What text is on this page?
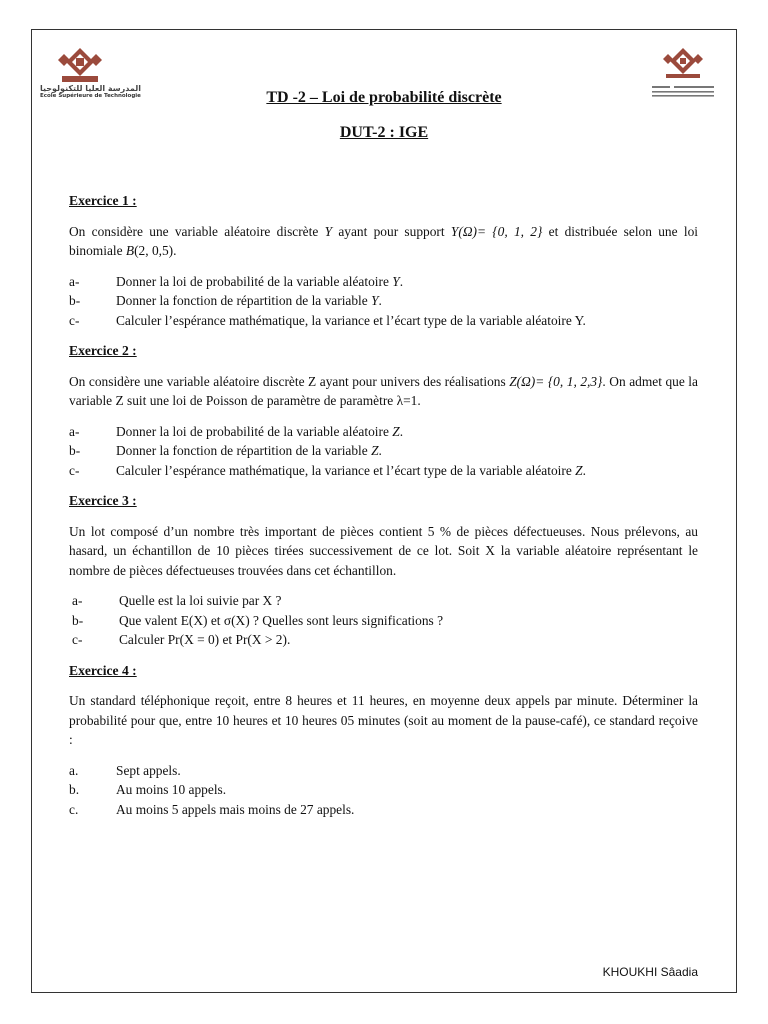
المدرسة العليا للتكنولوجيا
Ecole Supérieure de Technologie	TD -2 – Loi de probabilité discrète
DUT-2 : IGE
Exercice 1 :
On considère une variable aléatoire discrète Y ayant pour support Y(Ω)= {0, 1, 2} et distribuée selon une loi binomiale B(2, 0,5).
a-	Donner la loi de probabilité de la variable aléatoire Y.
b-	Donner la fonction de répartition de la variable Y.
c-	Calculer l’espérance mathématique, la variance et l’écart type de la variable aléatoire Y.
Exercice 2 :
On considère une variable aléatoire discrète Z ayant pour univers des réalisations Z(Ω)= {0, 1, 2,3}. On admet que la variable Z suit une loi de Poisson de paramètre de paramètre λ=1.
a-	Donner la loi de probabilité de la variable aléatoire Z.
b-	Donner la fonction de répartition de la variable Z.
c-	Calculer l’espérance mathématique, la variance et l’écart type de la variable aléatoire Z.
Exercice 3 :
Un lot composé d’un nombre très important de pièces contient 5 % de pièces défectueuses. Nous prélevons, au hasard, un échantillon de 10 pièces tirées successivement de ce lot. Soit X la variable aléatoire représentant le nombre de pièces défectueuses trouvées dans cet échantillon.
a-	Quelle est la loi suivie par X ?
b-	Que valent E(X) et σ(X) ? Quelles sont leurs significations ?
c-	Calculer Pr(X = 0) et Pr(X > 2).
Exercice 4 :
Un standard téléphonique reçoit, entre 8 heures et 11 heures, en moyenne deux appels par minute. Déterminer la probabilité pour que, entre 10 heures et 10 heures 05 minutes (soit au moment de la pause-café), ce standard reçoive :
a.	Sept appels.
b.	Au moins 10 appels.
c.	Au moins 5 appels mais moins de 27 appels.
KHOUKHI Sâadia
